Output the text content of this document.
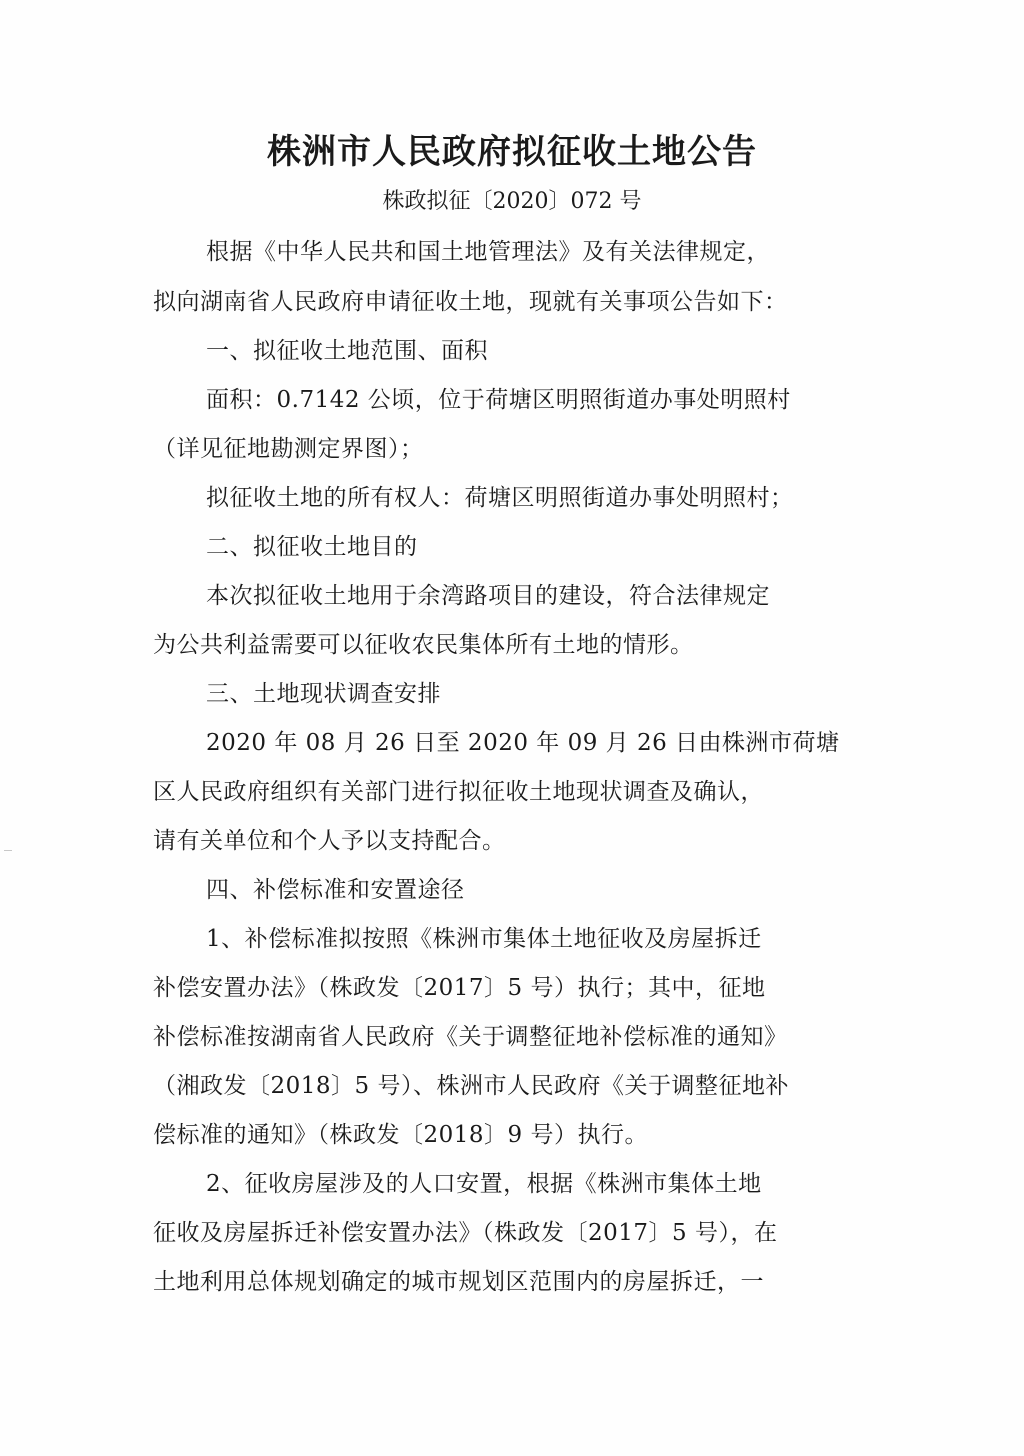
株洲市人民政府拟征收土地公告
株政拟征〔2020〕072 号
根据《中华人民共和国土地管理法》及有关法律规定，
拟向湖南省人民政府申请征收土地，现就有关事项公告如下：
一、拟征收土地范围、面积
面积：0.7142 公顷，位于荷塘区明照街道办事处明照村
（详见征地勘测定界图）；
拟征收土地的所有权人：荷塘区明照街道办事处明照村；
二、拟征收土地目的
本次拟征收土地用于余湾路项目的建设，符合法律规定
为公共利益需要可以征收农民集体所有土地的情形。
三、土地现状调查安排
2020 年 08 月 26 日至 2020 年 09 月 26 日由株洲市荷塘
区人民政府组织有关部门进行拟征收土地现状调查及确认，
请有关单位和个人予以支持配合。
四、补偿标准和安置途径
1、补偿标准拟按照《株洲市集体土地征收及房屋拆迁
补偿安置办法》（株政发〔2017〕5 号）执行；其中，征地
补偿标准按湖南省人民政府《关于调整征地补偿标准的通知》
（湘政发〔2018〕5 号）、株洲市人民政府《关于调整征地补
偿标准的通知》（株政发〔2018〕9 号）执行。
2、征收房屋涉及的人口安置，根据《株洲市集体土地
征收及房屋拆迁补偿安置办法》（株政发〔2017〕5 号），在
土地利用总体规划确定的城市规划区范围内的房屋拆迁，一
